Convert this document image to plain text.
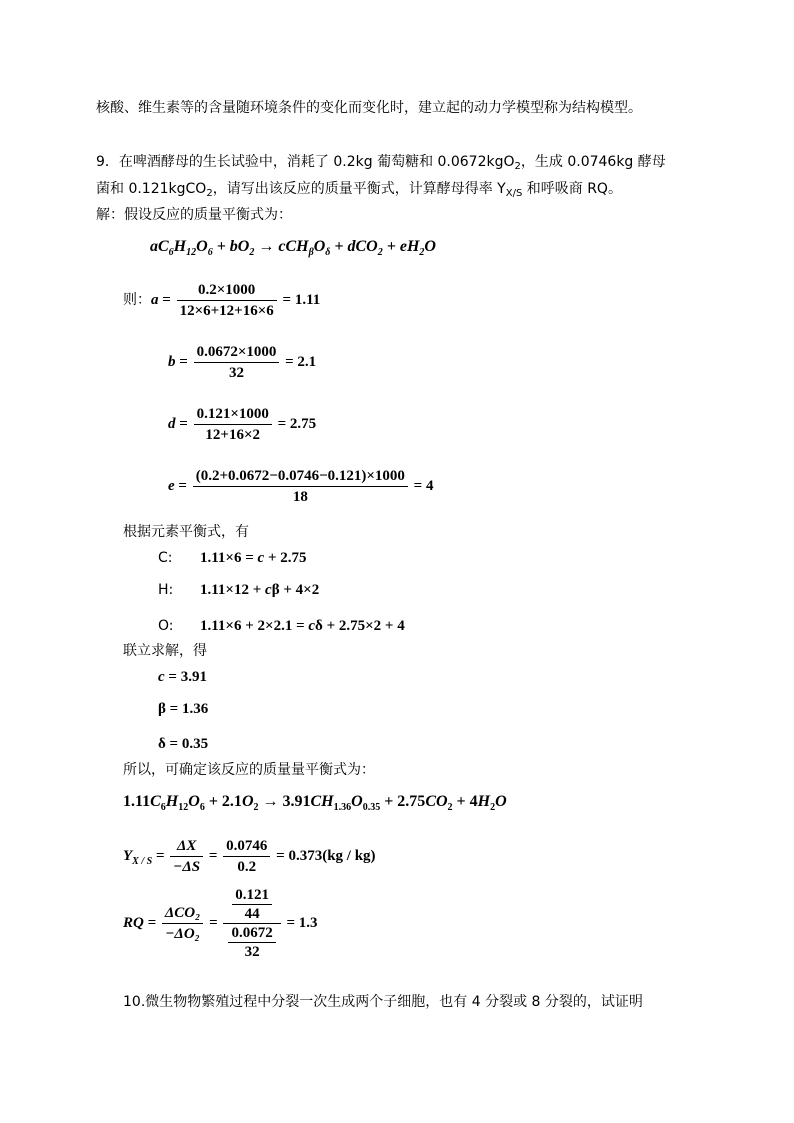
核酸、维生素等的含量随环境条件的变化而变化时，建立起的动力学模型称为结构模型。
9．在啤酒酵母的生长试验中，消耗了 0.2kg 葡萄糖和 0.0672kgO$_2$，生成 0.0746kg 酵母
菌和 0.121kgCO$_2$，请写出该反应的质量平衡式，计算酵母得率 $Y_{X/S}$ 和呼吸商 RQ。
解：假设反应的质量平衡式为：
$aC_6H_{12}O_6 + bO_2 \to cCH_\beta O_\delta + dCO_2 + eH_2O$
则：$a = \frac{0.2\times 1000}{12\times 6+12+16\times 6} = 1.11$
$b = \frac{0.0672\times 1000}{32} = 2.1$
$d = \frac{0.121\times 1000}{12+16\times 2} = 2.75$
$e = \frac{(0.2+0.0672-0.0746-0.121)\times 1000}{18} = 4$
根据元素平衡式，有
C: 1.11×6 = c + 2.75
H: 1.11×12 + cβ + 4×2
O: 1.11×6 + 2×2.1 = cδ + 2.75×2 + 4
联立求解，得
c = 3.91
β = 1.36
δ = 0.35
所以，可确定该反应的质量量平衡式为：
$1.11C_6H_{12}O_6 + 2.1O_2 \to 3.91CH_{1.36}O_{0.35} + 2.75CO_2 + 4H_2O$
$Y_{X / S} = \frac{\Delta X}{-\Delta S} = \frac{0.0746}{0.2} = 0.373(kg / kg)$
RQ = $\frac{\text{ΔCO₂}}{\text{−ΔO₂}} = \frac{\frac{0.121}{44}}{\frac{0.0672}{32}} = 1.3$
10.微生物物繁殖过程中分裂一次生成两个子细胞，也有 4 分裂或 8 分裂的，试证明
